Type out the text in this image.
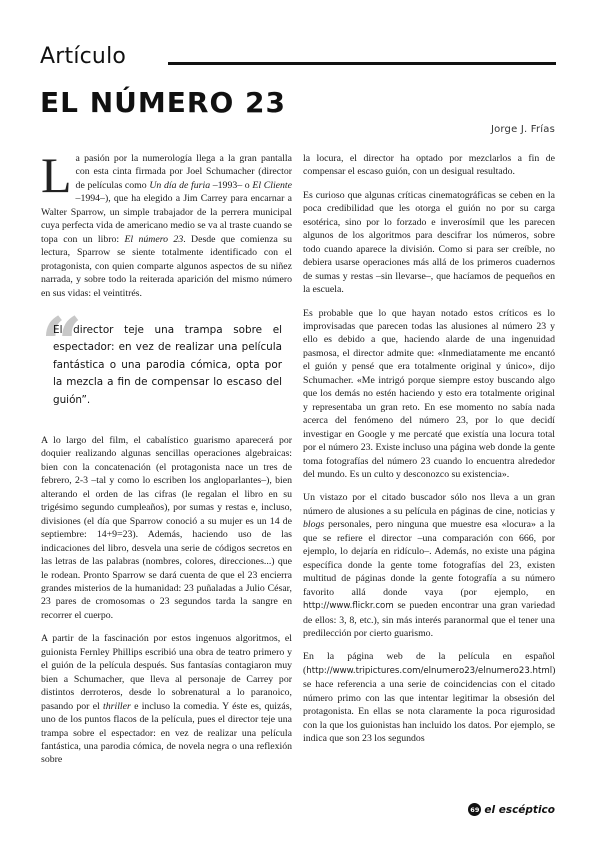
Artículo
EL NÚMERO 23
Jorge J. Frías

La pasión por la numerología llega a la gran pantalla con esta cinta firmada por Joel Schumacher (director de películas como Un día de furia –1993– o El Cliente –1994–), que ha elegido a Jim Carrey para encarnar a Walter Sparrow, un simple trabajador de la perrera municipal cuya perfecta vida de americano medio se va al traste cuando se topa con un libro: El número 23. Desde que comienza su lectura, Sparrow se siente totalmente identificado con el protagonista, con quien comparte algunos aspectos de su niñez narrada, y sobre todo la reiterada aparición del mismo número en sus vidas: el veintitrés.

“
El director teje una trampa sobre el espectador: en vez de realizar una película fantástica o una parodia cómica, opta por la mezcla a fin de compensar lo escaso del guión”.

A lo largo del film, el cabalístico guarismo aparecerá por doquier realizando algunas sencillas operaciones algebraicas: bien con la concatenación (el protagonista nace un tres de febrero, 2-3 –tal y como lo escriben los angloparlantes–), bien alterando el orden de las cifras (le regalan el libro en su trigésimo segundo cumpleaños), por sumas y restas e, incluso, divisiones (el día que Sparrow conoció a su mujer es un 14 de septiembre: 14+9=23). Además, haciendo uso de las indicaciones del libro, desvela una serie de códigos secretos en las letras de las palabras (nombres, colores, direcciones...) que le rodean. Pronto Sparrow se dará cuenta de que el 23 encierra grandes misterios de la humanidad: 23 puñaladas a Julio César, 23 pares de cromosomas o 23 segundos tarda la sangre en recorrer el cuerpo.

A partir de la fascinación por estos ingenuos algoritmos, el guionista Fernley Phillips escribió una obra de teatro primero y el guión de la película después. Sus fantasías contagiaron muy bien a Schumacher, que lleva al personaje de Carrey por distintos derroteros, desde lo sobrenatural a lo paranoico, pasando por el thriller e incluso la comedia. Y éste es, quizás, uno de los puntos flacos de la película, pues el director teje una trampa sobre el espectador: en vez de realizar una película fantástica, una parodia cómica, de novela negra o una reflexión sobre

la locura, el director ha optado por mezclarlos a fin de compensar el escaso guión, con un desigual resultado.

Es curioso que algunas críticas cinematográficas se ceben en la poca credibilidad que les otorga el guión no por su carga esotérica, sino por lo forzado e inverosímil que les parecen algunos de los algoritmos para descifrar los números, sobre todo cuando aparece la división. Como si para ser creíble, no debiera usarse operaciones más allá de los primeros cuadernos de sumas y restas –sin llevarse–, que hacíamos de pequeños en la escuela.

Es probable que lo que hayan notado estos críticos es lo improvisadas que parecen todas las alusiones al número 23 y ello es debido a que, haciendo alarde de una ingenuidad pasmosa, el director admite que: «Inmediatamente me encantó el guión y pensé que era totalmente original y único», dijo Schumacher. «Me intrigó porque siempre estoy buscando algo que los demás no estén haciendo y esto era totalmente original y representaba un gran reto. En ese momento no sabía nada acerca del fenómeno del número 23, por lo que decidí investigar en Google y me percaté que existía una locura total por el número 23. Existe incluso una página web donde la gente toma fotografías del número 23 cuando lo encuentra alrededor del mundo. Es un culto y desconozco su existencia».

Un vistazo por el citado buscador sólo nos lleva a un gran número de alusiones a su película en páginas de cine, noticias y blogs personales, pero ninguna que muestre esa «locura» a la que se refiere el director –una comparación con 666, por ejemplo, lo dejaría en ridículo–. Además, no existe una página específica donde la gente tome fotografías del 23, existen multitud de páginas donde la gente fotografía a su número favorito allá donde vaya (por ejemplo, en http://www.flickr.com se pueden encontrar una gran variedad de ellos: 3, 8, etc.), sin más interés paranormal que el tener una predilección por cierto guarismo.

En la página web de la película en español (http://www.tripictures.com/elnumero23/elnumero23.html) se hace referencia a una serie de coincidencias con el citado número primo con las que intentar legitimar la obsesión del protagonista. En ellas se nota claramente la poca rigurosidad con la que los guionistas han incluido los datos. Por ejemplo, se indica que son 23 los segundos

69 el escéptico
